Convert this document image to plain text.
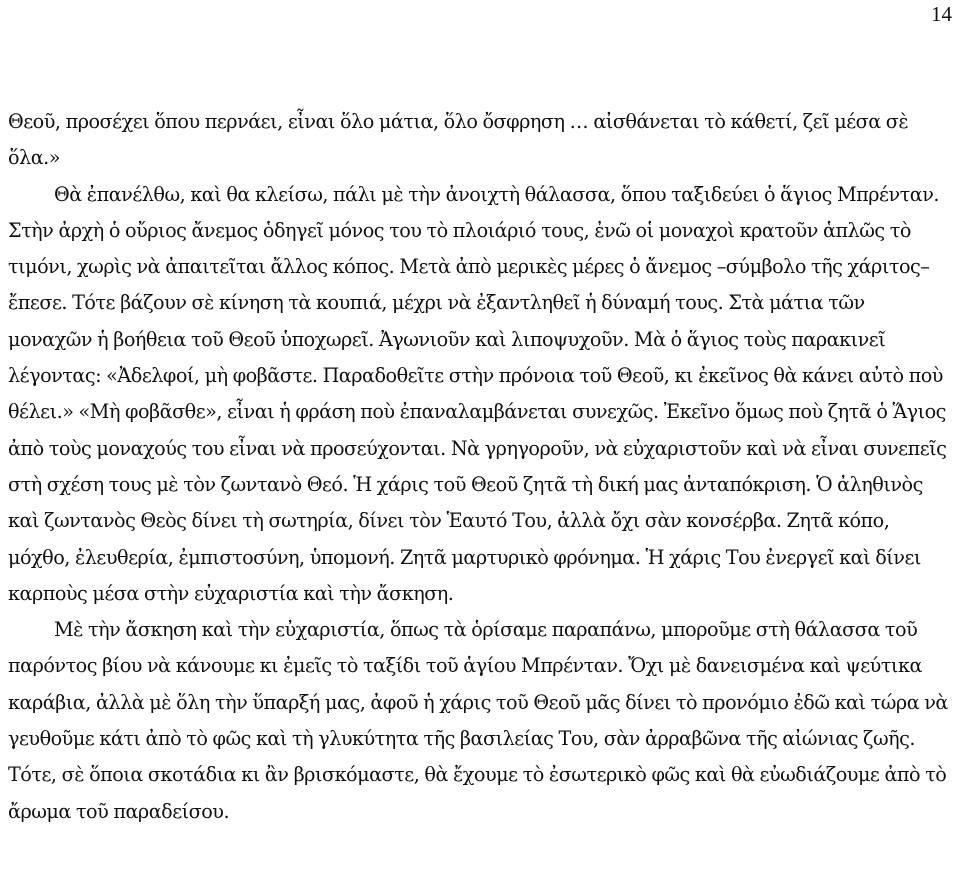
14

Θεοῦ, προσέχει ὅπου περνάει, εἶναι ὅλο μάτια, ὅλο ὄσφρηση … αἰσθάνεται τὸ κάθετί, ζεῖ μέσα σὲ ὅλα.»

Θὰ ἐπανέλθω, καὶ θα κλείσω, πάλι μὲ τὴν ἀνοιχτὴ θάλασσα, ὅπου ταξιδεύει ὁ ἅγιος Μπρένταν. Στὴν ἀρχὴ ὁ οὔριος ἄνεμος ὁδηγεῖ μόνος του τὸ πλοιάριό τους, ἐνῶ οἱ μοναχοὶ κρατοῦν ἁπλῶς τὸ τιμόνι, χωρὶς νὰ ἀπαιτεῖται ἄλλος κόπος. Μετὰ ἀπὸ μερικὲς μέρες ὁ ἄνεμος –σύμβολο τῆς χάριτος– ἔπεσε. Τότε βάζουν σὲ κίνηση τὰ κουπιά, μέχρι νὰ ἐξαντληθεῖ ἡ δύναμή τους. Στὰ μάτια τῶν μοναχῶν ἡ βοήθεια τοῦ Θεοῦ ὑποχωρεῖ. Ἀγωνιοῦν καὶ λιποψυχοῦν. Μὰ ὁ ἅγιος τοὺς παρακινεῖ λέγοντας: «Ἀδελφοί, μὴ φοβᾶστε. Παραδοθεῖτε στὴν πρόνοια τοῦ Θεοῦ, κι ἐκεῖνος θὰ κάνει αὐτὸ ποὺ θέλει.» «Μὴ φοβᾶσθε», εἶναι ἡ φράση ποὺ ἐπαναλαμβάνεται συνεχῶς. Ἐκεῖνο ὅμως ποὺ ζητᾶ ὁ Ἅγιος ἀπὸ τοὺς μοναχούς του εἶναι νὰ προσεύχονται. Νὰ γρηγοροῦν, νὰ εὐχαριστοῦν καὶ νὰ εἶναι συνεπεῖς στὴ σχέση τους μὲ τὸν ζωντανὸ Θεό. Ἡ χάρις τοῦ Θεοῦ ζητᾶ τὴ δική μας ἀνταπόκριση. Ὁ ἀληθινὸς καὶ ζωντανὸς Θεὸς δίνει τὴ σωτηρία, δίνει τὸν Ἑαυτό Του, ἀλλὰ ὄχι σὰν κονσέρβα. Ζητᾶ κόπο, μόχθο, ἐλευθερία, ἐμπιστοσύνη, ὑπομονή. Ζητᾶ μαρτυρικὸ φρόνημα. Ἡ χάρις Του ἐνεργεῖ καὶ δίνει καρποὺς μέσα στὴν εὐχαριστία καὶ τὴν ἄσκηση.

Μὲ τὴν ἄσκηση καὶ τὴν εὐχαριστία, ὅπως τὰ ὁρίσαμε παραπάνω, μποροῦμε στὴ θάλασσα τοῦ παρόντος βίου νὰ κάνουμε κι ἐμεῖς τὸ ταξίδι τοῦ ἁγίου Μπρένταν. Ὄχι μὲ δανεισμένα καὶ ψεύτικα καράβια, ἀλλὰ μὲ ὅλη τὴν ὕπαρξή μας, ἀφοῦ ἡ χάρις τοῦ Θεοῦ μᾶς δίνει τὸ προνόμιο ἐδῶ καὶ τώρα νὰ γευθοῦμε κάτι ἀπὸ τὸ φῶς καὶ τὴ γλυκύτητα τῆς βασιλείας Του, σὰν ἀρραβῶνα τῆς αἰώνιας ζωῆς. Τότε, σὲ ὅποια σκοτάδια κι ἂν βρισκόμαστε, θὰ ἔχουμε τὸ ἐσωτερικὸ φῶς καὶ θὰ εὐωδιάζουμε ἀπὸ τὸ ἄρωμα τοῦ παραδείσου.
